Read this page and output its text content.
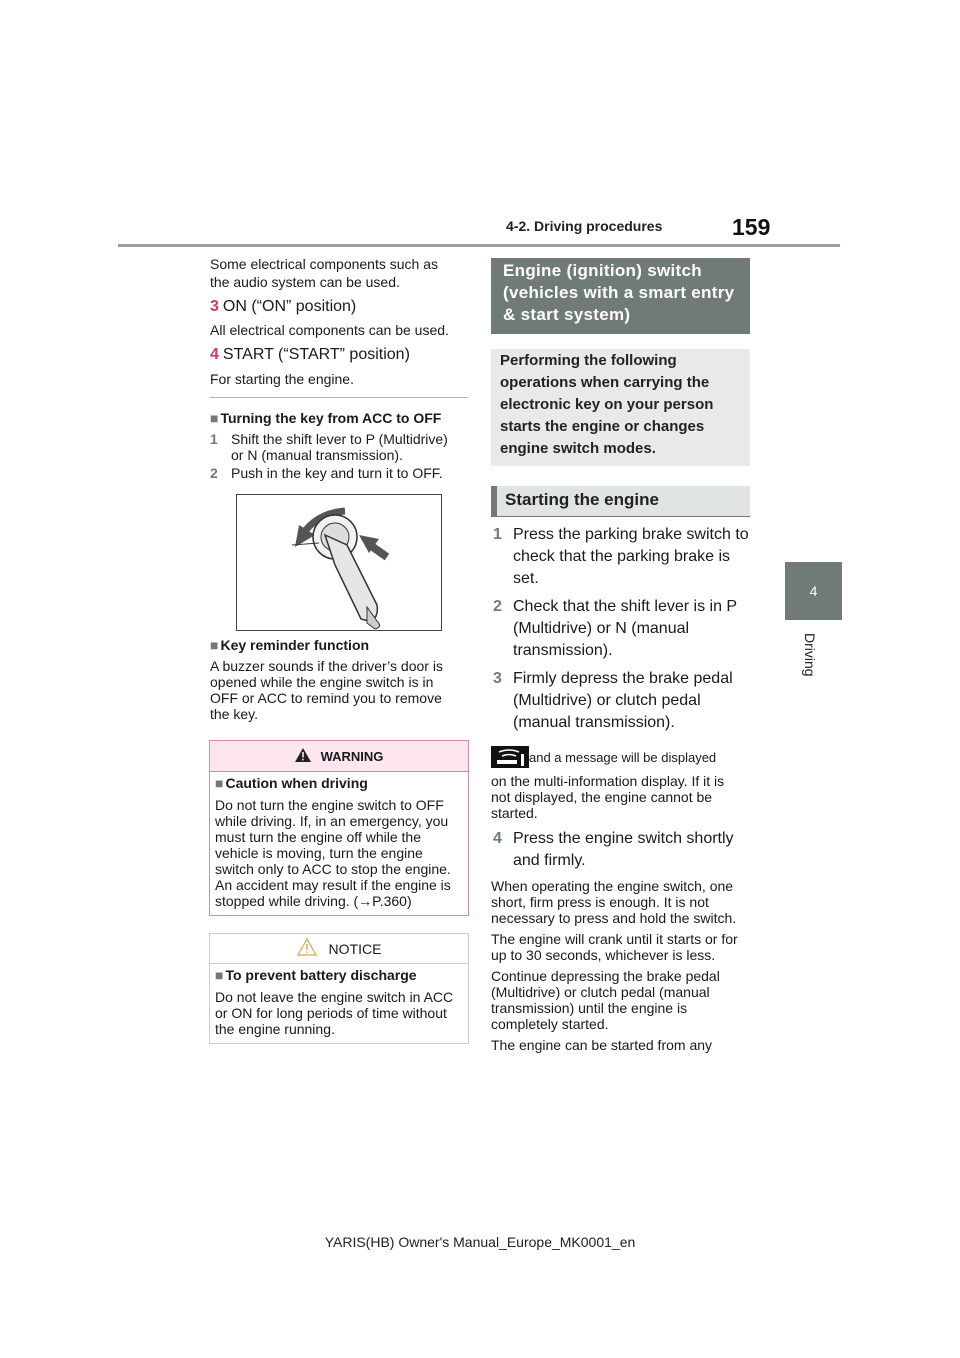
4-2. Driving procedures	159
4
Driving
Some electrical components such as the audio system can be used.
3 ON (“ON” position)
All electrical components can be used.
4 START (“START” position)
For starting the engine.
■ Turning the key from ACC to OFF
1 Shift the shift lever to P (Multidrive) or N (manual transmission).
2 Push in the key and turn it to OFF.
■ Key reminder function
A buzzer sounds if the driver’s door is opened while the engine switch is in OFF or ACC to remind you to remove the key.
WARNING
■ Caution when driving
Do not turn the engine switch to OFF while driving. If, in an emergency, you must turn the engine off while the vehicle is moving, turn the engine switch only to ACC to stop the engine. An accident may result if the engine is stopped while driving. (→P.360)
NOTICE
■ To prevent battery discharge
Do not leave the engine switch in ACC or ON for long periods of time without the engine running.
Engine (ignition) switch (vehicles with a smart entry & start system)
Performing the following operations when carrying the electronic key on your person starts the engine or changes engine switch modes.
Starting the engine
1 Press the parking brake switch to check that the parking brake is set.
2 Check that the shift lever is in P (Multidrive) or N (manual transmission).
3 Firmly depress the brake pedal (Multidrive) or clutch pedal (manual transmission).
and a message will be displayed
on the multi-information display. If it is not displayed, the engine cannot be started.
4 Press the engine switch shortly and firmly.

When operating the engine switch, one short, firm press is enough. It is not necessary to press and hold the switch.

The engine will crank until it starts or for up to 30 seconds, whichever is less.

Continue depressing the brake pedal (Multidrive) or clutch pedal (manual transmission) until the engine is completely started.

The engine can be started from any

YARIS(HB) Owner's Manual_Europe_MK0001_en
